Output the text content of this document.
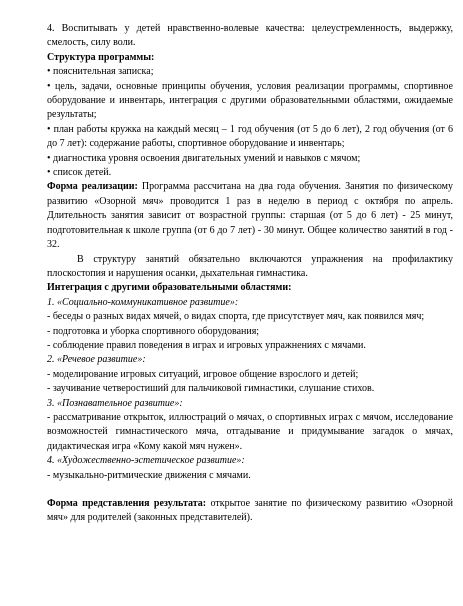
4. Воспитывать у детей нравственно-волевые качества: целеустремленность, выдержку, смелость, силу воли.

Структура программы:

• пояснительная записка;

• цель, задачи, основные принципы обучения, условия реализации программы, спортивное оборудование и инвентарь, интеграция с другими образовательными областями, ожидаемые результаты;

• план работы кружка на каждый месяц – 1 год обучения (от 5 до 6 лет), 2 год обучения (от 6 до 7 лет): содержание работы, спортивное оборудование и инвентарь;

• диагностика уровня освоения двигательных умений и навыков с мячом;

• список детей.

Форма реализации: Программа рассчитана на два года обучения. Занятия по физическому развитию «Озорной мяч» проводится 1 раз в неделю в период с октября по апрель. Длительность занятия зависит от возрастной группы: старшая (от 5 до 6 лет) - 25 минут, подготовительная к школе группа (от 6 до 7 лет) - 30 минут. Общее количество занятий в год - 32.

В структуру занятий обязательно включаются упражнения на профилактику плоскостопия и нарушения осанки, дыхательная гимнастика.

Интеграция с другими образовательными областями:

1. «Социально-коммуникативное развитие»:

- беседы о разных видах мячей, о видах спорта, где присутствует мяч, как появился мяч;

- подготовка и уборка спортивного оборудования;

- соблюдение правил поведения в играх и игровых упражнениях с мячами.

2. «Речевое развитие»:

- моделирование игровых ситуаций, игровое общение взрослого и детей;

- заучивание четверостиший для пальчиковой гимнастики, слушание стихов.

3. «Познавательное развитие»:

- рассматривание открыток, иллюстраций о мячах, о спортивных играх с мячом, исследование возможностей гимнастического мяча, отгадывание и придумывание загадок о мячах, дидактическая игра «Кому какой мяч нужен».

4. «Художественно-эстетическое развитие»:

- музыкально-ритмические движения с мячами.

Форма представления результата: открытое занятие по физическому развитию «Озорной мяч» для родителей (законных представителей).
